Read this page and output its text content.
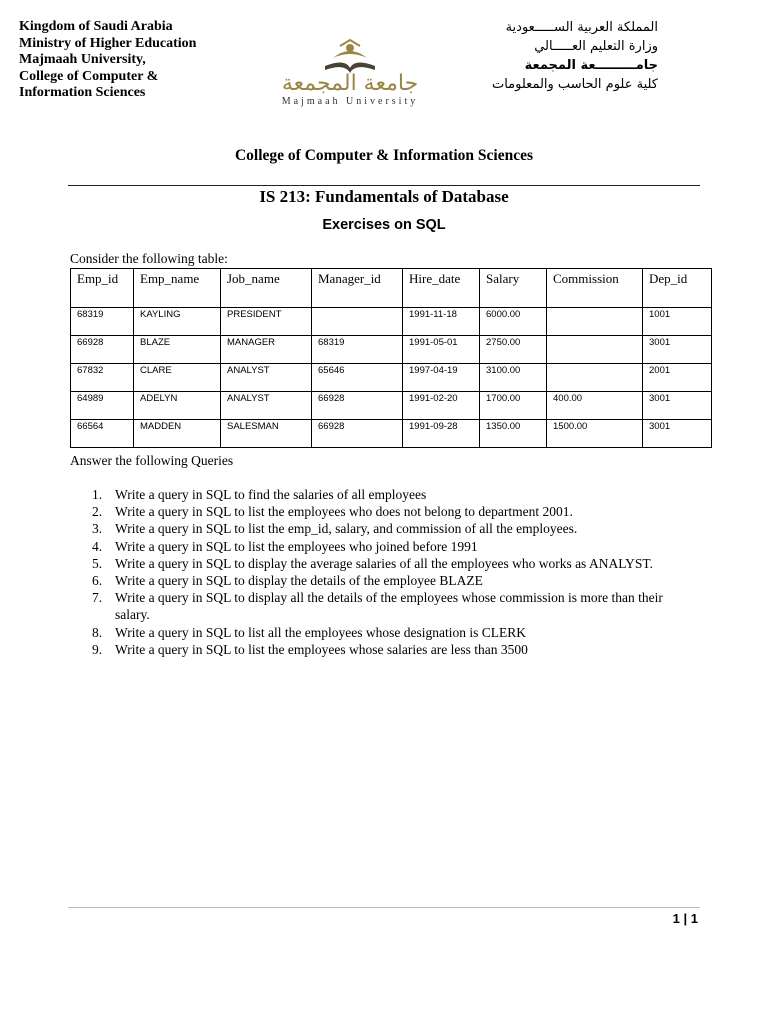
Kingdom of Saudi Arabia
Ministry of Higher Education
Majmaah University,
College of Computer &
Information Sciences	جامعة المجمعة
Majmaah University
المملكة العربية الســـــعودية
وزارة التعليم العـــــالي
جامـــــــــعة المجمعة
كلية علوم الحاسب والمعلومات
College of Computer & Information Sciences
IS 213: Fundamentals of Database
Exercises on SQL
Consider the following table:
Emp_id	Emp_name	Job_name	Manager_id	Hire_date	Salary	Commission	Dep_id
68319	KAYLING	PRESIDENT		1991-11-18	6000.00		1001
66928	BLAZE	MANAGER	68319	1991-05-01	2750.00		3001
67832	CLARE	ANALYST	65646	1997-04-19	3100.00		2001
64989	ADELYN	ANALYST	66928	1991-02-20	1700.00	400.00	3001
66564	MADDEN	SALESMAN	66928	1991-09-28	1350.00	1500.00	3001
Answer the following Queries
1. Write a query in SQL to find the salaries of all employees
2. Write a query in SQL to list the employees who does not belong to department 2001.
3. Write a query in SQL to list the emp_id, salary, and commission of all the employees.
4. Write a query in SQL to list the employees who joined before 1991
5. Write a query in SQL to display the average salaries of all the employees who works as ANALYST.
6. Write a query in SQL to display the details of the employee BLAZE
7. Write a query in SQL to display all the details of the employees whose commission is more than their salary.
8. Write a query in SQL to list all the employees whose designation is CLERK
9. Write a query in SQL to list the employees whose salaries are less than 3500
1 | 1
